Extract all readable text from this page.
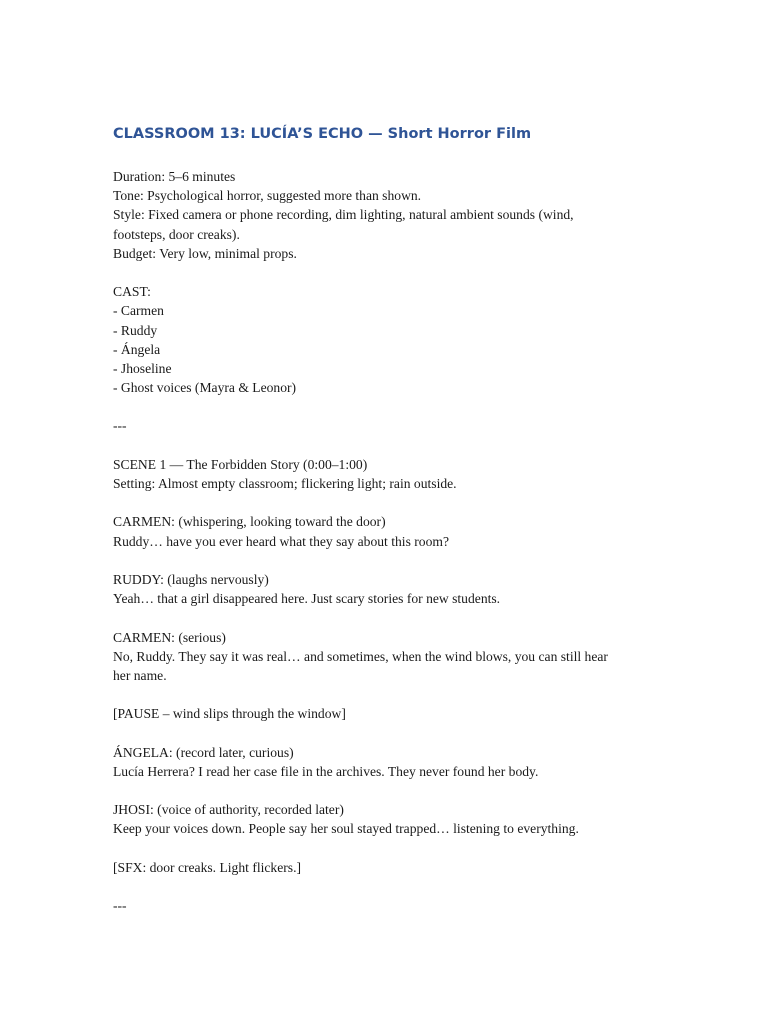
CLASSROOM 13: LUCÍA’S ECHO — Short Horror Film
Duration: 5–6 minutes
Tone: Psychological horror, suggested more than shown.
Style: Fixed camera or phone recording, dim lighting, natural ambient sounds (wind,
footsteps, door creaks).
Budget: Very low, minimal props.
CAST:
- Carmen
- Ruddy
- Ángela
- Jhoseline
- Ghost voices (Mayra & Leonor)
---
SCENE 1 — The Forbidden Story (0:00–1:00)
Setting: Almost empty classroom; flickering light; rain outside.
CARMEN: (whispering, looking toward the door)
Ruddy… have you ever heard what they say about this room?
RUDDY: (laughs nervously)
Yeah… that a girl disappeared here. Just scary stories for new students.
CARMEN: (serious)
No, Ruddy. They say it was real… and sometimes, when the wind blows, you can still hear
her name.
[PAUSE – wind slips through the window]
ÁNGELA: (record later, curious)
Lucía Herrera? I read her case file in the archives. They never found her body.
JHOSI: (voice of authority, recorded later)
Keep your voices down. People say her soul stayed trapped… listening to everything.
[SFX: door creaks. Light flickers.]
---
